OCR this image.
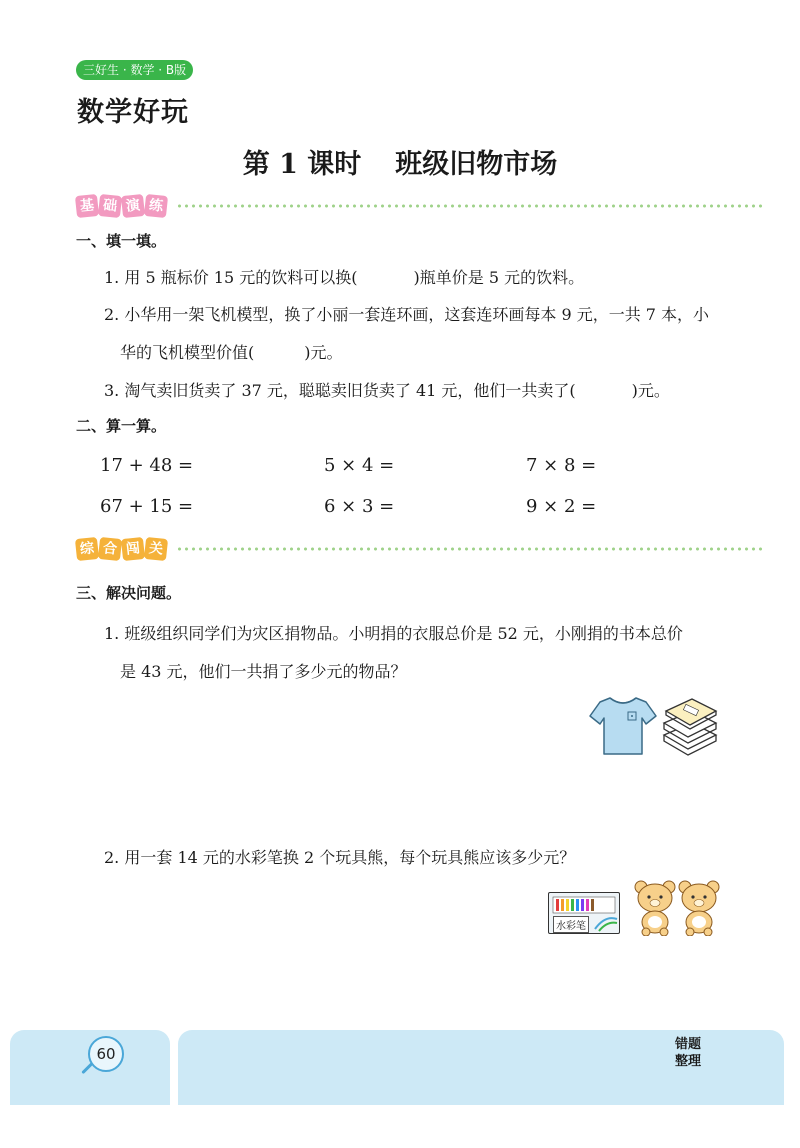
三好生 · 数学 · B版
数学好玩
第 1 课时 班级旧物市场
基 础 演 练
一、填一填。
1. 用 5 瓶标价 15 元的饮料可以换(	)瓶单价是 5 元的饮料。
2. 小华用一架飞机模型，换了小丽一套连环画，这套连环画每本 9 元，一共 7 本，小
华的飞机模型价值(	)元。
3. 淘气卖旧货卖了 37 元，聪聪卖旧货卖了 41 元，他们一共卖了(	)元。
二、算一算。
17 + 48 =	5 × 4 =	7 × 8 =
67 + 15 =	6 × 3 =	9 × 2 =
综 合 闯 关
三、解决问题。
1. 班级组织同学们为灾区捐物品。小明捐的衣服总价是 52 元，小刚捐的书本总价
是 43 元，他们一共捐了多少元的物品？
2. 用一套 14 元的水彩笔换 2 个玩具熊，每个玩具熊应该多少元？
水彩笔
60
错题
整理
